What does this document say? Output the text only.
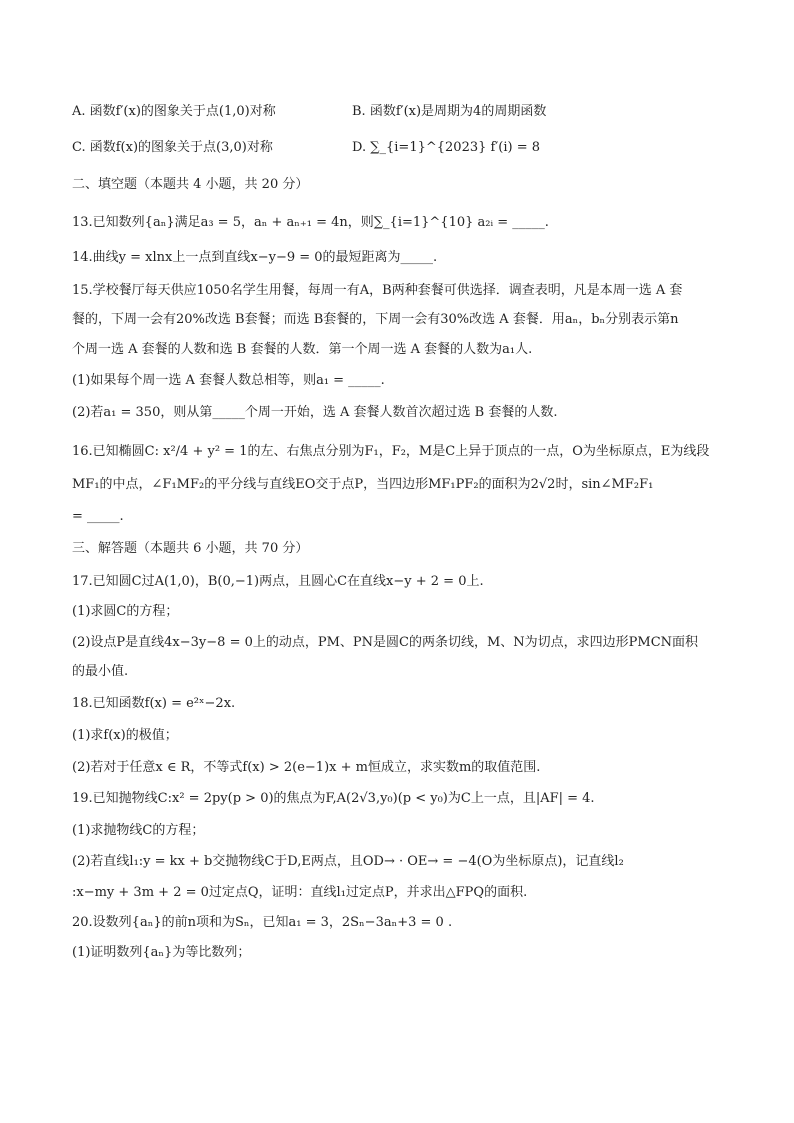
A. 函数f′(x)的图象关于点(1,0)对称	B. 函数f′(x)是周期为4的周期函数
C. 函数f(x)的图象关于点(3,0)对称	D. ∑_{i=1}^{2023} f′(i) = 8
二、填空题（本题共 4 小题，共 20 分）
13.已知数列{aₙ}满足a₃ = 5，aₙ + aₙ₊₁ = 4n，则∑_{i=1}^{10} a₂ᵢ = _____.
14.曲线y = xlnx上一点到直线x−y−9 = 0的最短距离为_____.
15.学校餐厅每天供应1050名学生用餐，每周一有A，B两种套餐可供选择．调查表明，凡是本周一选 A 套
餐的，下周一会有20%改选 B套餐；而选 B套餐的，下周一会有30%改选 A 套餐．用aₙ，bₙ分别表示第n
个周一选 A 套餐的人数和选 B 套餐的人数．第一个周一选 A 套餐的人数为a₁人.
(1)如果每个周一选 A 套餐人数总相等，则a₁ = _____.
(2)若a₁ = 350，则从第_____个周一开始，选 A 套餐人数首次超过选 B 套餐的人数.
16.已知椭圆C: x²/4 + y² = 1的左、右焦点分别为F₁，F₂，M是C上异于顶点的一点，O为坐标原点，E为线段
MF₁的中点，∠F₁MF₂的平分线与直线EO交于点P，当四边形MF₁PF₂的面积为2√2时，sin∠MF₂F₁
= _____.
三、解答题（本题共 6 小题，共 70 分）
17.已知圆C过A(1,0)，B(0,−1)两点，且圆心C在直线x−y + 2 = 0上.
(1)求圆C的方程；
(2)设点P是直线4x−3y−8 = 0上的动点，PM、PN是圆C的两条切线，M、N为切点，求四边形PMCN面积
的最小值.
18.已知函数f(x) = e²ˣ−2x.
(1)求f(x)的极值；
(2)若对于任意x ∈ R，不等式f(x) > 2(e−1)x + m恒成立，求实数m的取值范围.
19.已知抛物线C:x² = 2py(p > 0)的焦点为F,A(2√3,y₀)(p < y₀)为C上一点，且|AF| = 4.
(1)求抛物线C的方程；
(2)若直线l₁:y = kx + b交抛物线C于D,E两点，且OD→ · OE→ = −4(O为坐标原点)，记直线l₂
:x−my + 3m + 2 = 0过定点Q，证明：直线l₁过定点P，并求出△FPQ的面积.
20.设数列{aₙ}的前n项和为Sₙ，已知a₁ = 3，2Sₙ−3aₙ+3 = 0 .
(1)证明数列{aₙ}为等比数列；
